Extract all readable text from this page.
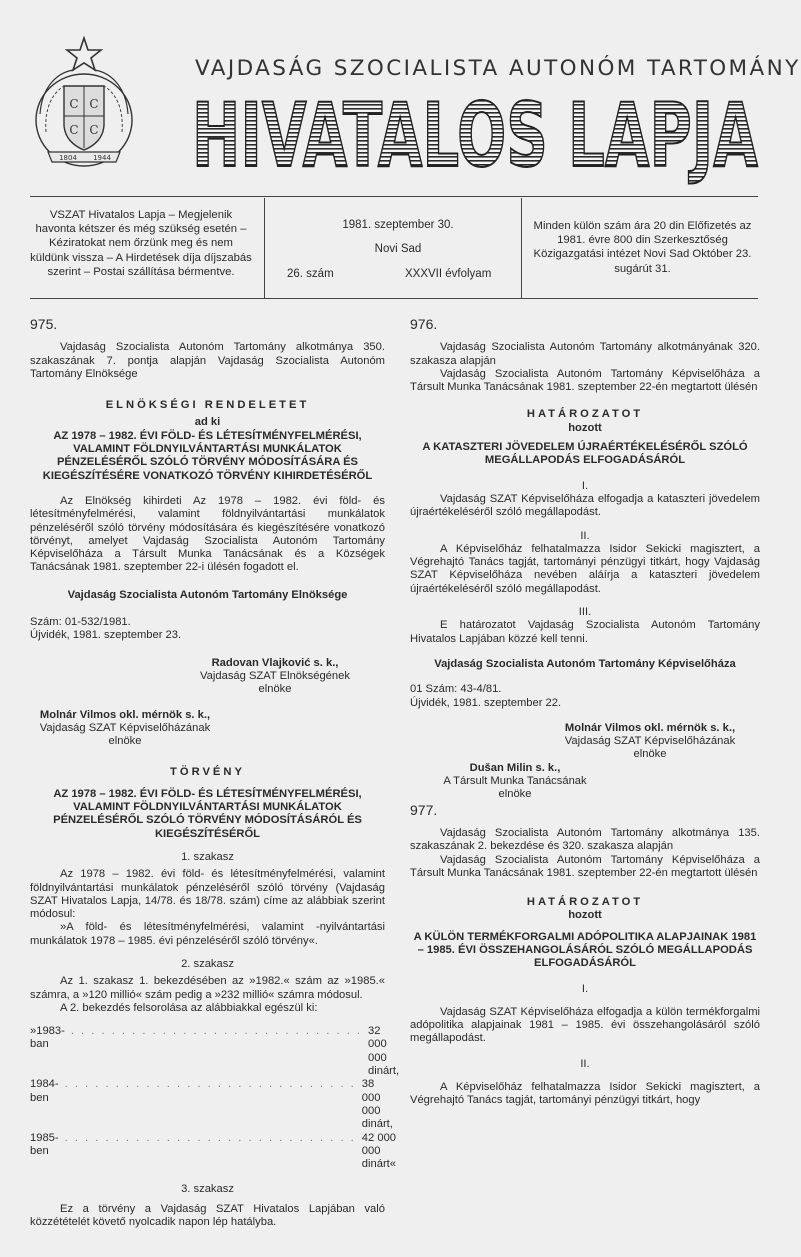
C C
C C
1804 1944
VAJDASÁG SZOCIALISTA AUTONÓM TARTOMÁNY
HIVATALOS LAPJA
VSZAT Hivatalos Lapja – Megjelenik havonta kétszer és még szükség esetén – Kéziratokat nem őrzünk meg és nem küldünk vissza – A Hirdetések díja díjszabás szerint – Postai szállítása bérmentve.
1981. szeptember 30.
Novi Sad
26. szám	XXXVII évfolyam
Minden külön szám ára 20 din Előfizetés az 1981. évre 800 din Szerkesztőség Közigazgatási intézet Novi Sad Október 23. sugárút 31.

975.

Vajdaság Szocialista Autonóm Tartomány alkotmánya 350. szakaszának 7. pontja alapján Vajdaság Szocialista Autonóm Tartomány Elnöksége

ELNÖKSÉGI RENDELETET

ad ki

AZ 1978 – 1982. ÉVI FÖLD- ÉS LÉTESÍTMÉNYFELMÉRÉSI, VALAMINT FÖLDNYILVÁNTARTÁSI MUNKÁLATOK PÉNZELÉSÉRŐL SZÓLÓ TÖRVÉNY MÓDOSÍTÁSÁRA ÉS KIEGÉSZÍTÉSÉRE VONATKOZÓ TÖRVÉNY KIHIRDETÉSÉRŐL

Az Elnökség kihirdeti Az 1978 – 1982. évi föld- és létesítményfelmérési, valamint földnyilvántartási munkálatok pénzeléséről szóló törvény módosítására és kiegészítésére vonatkozó törvényt, amelyet Vajdaság Szocialista Autonóm Tartomány Képviselőháza a Társult Munka Tanácsának és a Községek Tanácsának 1981. szeptember 22-i ülésén fogadott el.

Vajdaság Szocialista Autonóm Tartomány Elnöksége

Szám: 01-532/1981.

Újvidék, 1981. szeptember 23.

Radovan Vlajković s. k.,

Vajdaság SZAT Elnökségének

elnöke

Molnár Vilmos okl. mérnök s. k.,

Vajdaság SZAT Képviselőházának

elnöke

TÖRVÉNY

AZ 1978 – 1982. ÉVI FÖLD- ÉS LÉTESÍTMÉNYFELMÉRÉSI, VALAMINT FÖLDNYILVÁNTARTÁSI MUNKÁLATOK PÉNZELÉSÉRŐL SZÓLÓ TÖRVÉNY MÓDOSÍTÁSÁRÓL ÉS KIEGÉSZÍTÉSÉRŐL

1. szakasz

Az 1978 – 1982. évi föld- és létesítményfelmérési, valamint földnyilvántartási munkálatok pénzeléséről szóló törvény (Vajdaság SZAT Hivatalos Lapja, 14/78. és 18/78. szám) címe az alábbiak szerint módosul:

»A föld- és létesítményfelmérési, valamint -nyilvántartási munkálatok 1978 – 1985. évi pénzeléséről szóló törvény«.

2. szakasz

Az 1. szakasz 1. bekezdésében az »1982.« szám az »1985.« számra, a »120 millió« szám pedig a »232 millió« számra módosul.

A 2. bekezdés felsorolása az alábbiakkal egészül ki:

»1983-ban
. . . . . . . . . . . . . . . . . . . . . . . . . . . . . 32 000 000 dinárt,
1984-ben
. . . . . . . . . . . . . . . . . . . . . . . . . . . . . 38 000 000 dinárt,
1985-ben
. . . . . . . . . . . . . . . . . . . . . . . . . . . . . 42 000 000 dinárt«

3. szakasz

Ez a törvény a Vajdaság SZAT Hivatalos Lapjában való közzétételét követő nyolcadik napon lép hatályba.

976.

Vajdaság Szocialista Autonóm Tartomány alkotmányának 320. szakasza alapján

Vajdaság Szocialista Autonóm Tartomány Képviselőháza a Társult Munka Tanácsának 1981. szeptember 22-én megtartott ülésén

HATÁROZATOT

hozott

A KATASZTERI JÖVEDELEM ÚJRAÉRTÉKELÉSÉRŐL SZÓLÓ MEGÁLLAPODÁS ELFOGADÁSÁRÓL

I.

Vajdaság SZAT Képviselőháza elfogadja a kataszteri jövedelem újraértékeléséről szóló megállapodást.

II.

A Képviselőház felhatalmazza Isidor Sekicki magisztert, a Végrehajtó Tanács tagját, tartományi pénzügyi titkárt, hogy Vajdaság SZAT Képviselőháza nevében aláírja a kataszteri jövedelem újraértékeléséről szóló megállapodást.

III.

E határozatot Vajdaság Szocialista Autonóm Tartomány Hivatalos Lapjában közzé kell tenni.

Vajdaság Szocialista Autonóm Tartomány Képviselőháza

01 Szám: 43-4/81.

Újvidék, 1981. szeptember 22.

Molnár Vilmos okl. mérnök s. k.,

Vajdaság SZAT Képviselőházának

elnöke

Dušan Milin s. k.,

A Társult Munka Tanácsának

elnöke

977.

Vajdaság Szocialista Autonóm Tartomány alkotmánya 135. szakaszának 2. bekezdése és 320. szakasza alapján

Vajdaság Szocialista Autonóm Tartomány Képviselőháza a Társult Munka Tanácsának 1981. szeptember 22-én megtartott ülésén

HATÁROZATOT

hozott

A KÜLÖN TERMÉKFORGALMI ADÓPOLITIKA ALAPJAINAK 1981 – 1985. ÉVI ÖSSZEHANGOLÁSÁRÓL SZÓLÓ MEGÁLLAPODÁS ELFOGADÁSÁRÓL

I.

Vajdaság SZAT Képviselőháza elfogadja a külön termékforgalmi adópolitika alapjainak 1981 – 1985. évi összehangolásáról szóló megállapodást.

II.

A Képviselőház felhatalmazza Isidor Sekicki magisztert, a Végrehajtó Tanács tagját, tartományi pénzügyi titkárt, hogy
